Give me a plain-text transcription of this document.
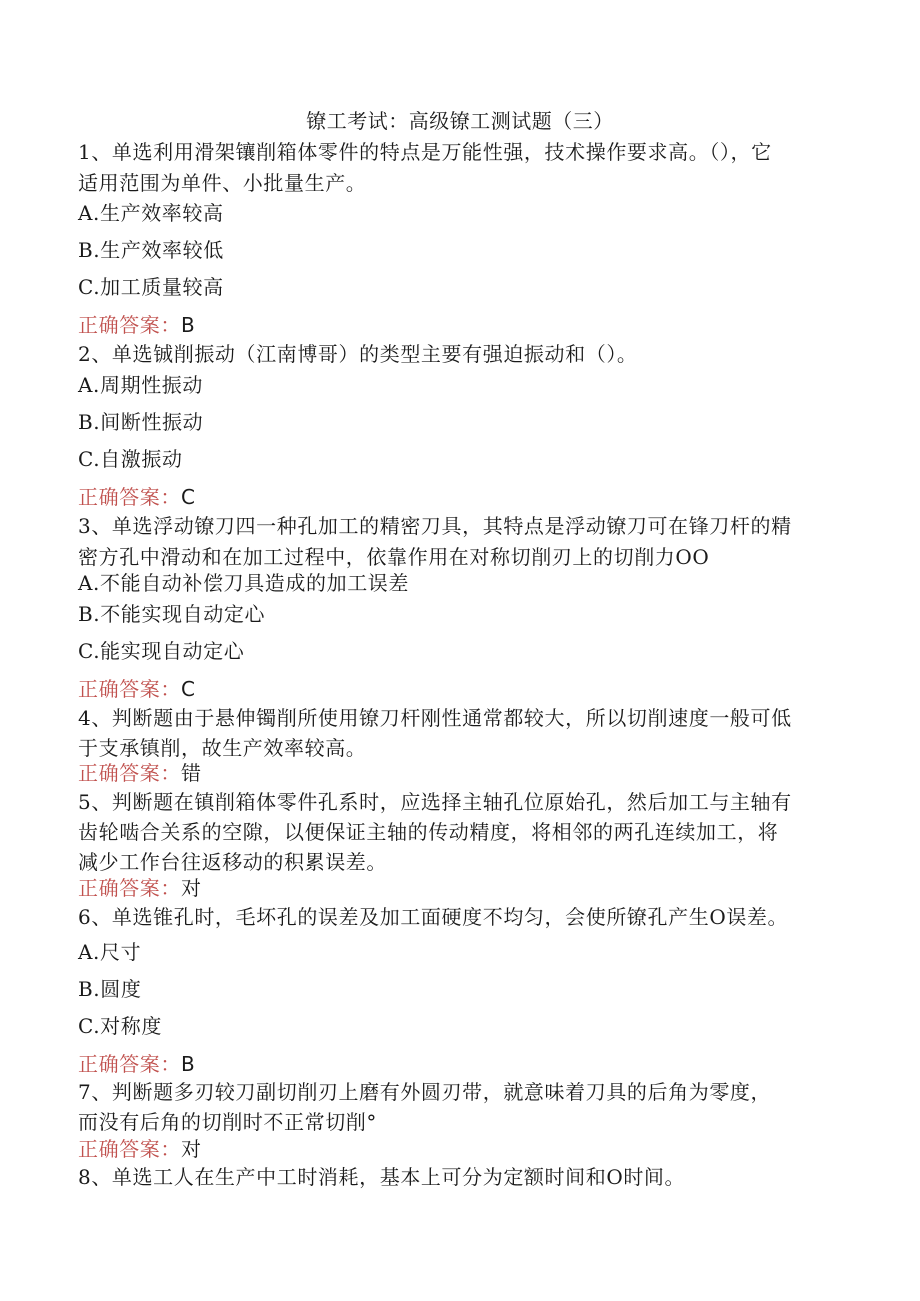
镣工考试：高级镣工测试题（三）
1、单选利用滑架镶削箱体零件的特点是万能性强，技术操作要求高。（），它
适用范围为单件、小批量生产。
A.生产效率较高
B.生产效率较低
C.加工质量较高
正确答案：B
2、单选铖削振动（江南博哥）的类型主要有强迫振动和（）。
A.周期性振动
B.间断性振动
C.自激振动
正确答案：C
3、单选浮动镣刀四一种孔加工的精密刀具，其特点是浮动镣刀可在锋刀杆的精
密方孔中滑动和在加工过程中，依靠作用在对称切削刃上的切削力OO
A.不能自动补偿刀具造成的加工误差
B.不能实现自动定心
C.能实现自动定心
正确答案：C
4、判断题由于悬伸镯削所使用镣刀杆刚性通常都较大，所以切削速度一般可低
于支承镇削，故生产效率较高。
正确答案：错
5、判断题在镇削箱体零件孔系时，应选择主轴孔位原始孔，然后加工与主轴有
齿轮啮合关系的空隙，以便保证主轴的传动精度，将相邻的两孔连续加工，将
减少工作台往返移动的积累误差。
正确答案：对
6、单选锥孔时，毛坏孔的误差及加工面硬度不均匀，会使所镣孔产生O误差。
A.尺寸
B.圆度
C.对称度
正确答案：B
7、判断题多刃较刀副切削刃上磨有外圆刃带，就意味着刀具的后角为零度，
而没有后角的切削时不正常切削°
正确答案：对
8、单选工人在生产中工时消耗，基本上可分为定额时间和O时间。
